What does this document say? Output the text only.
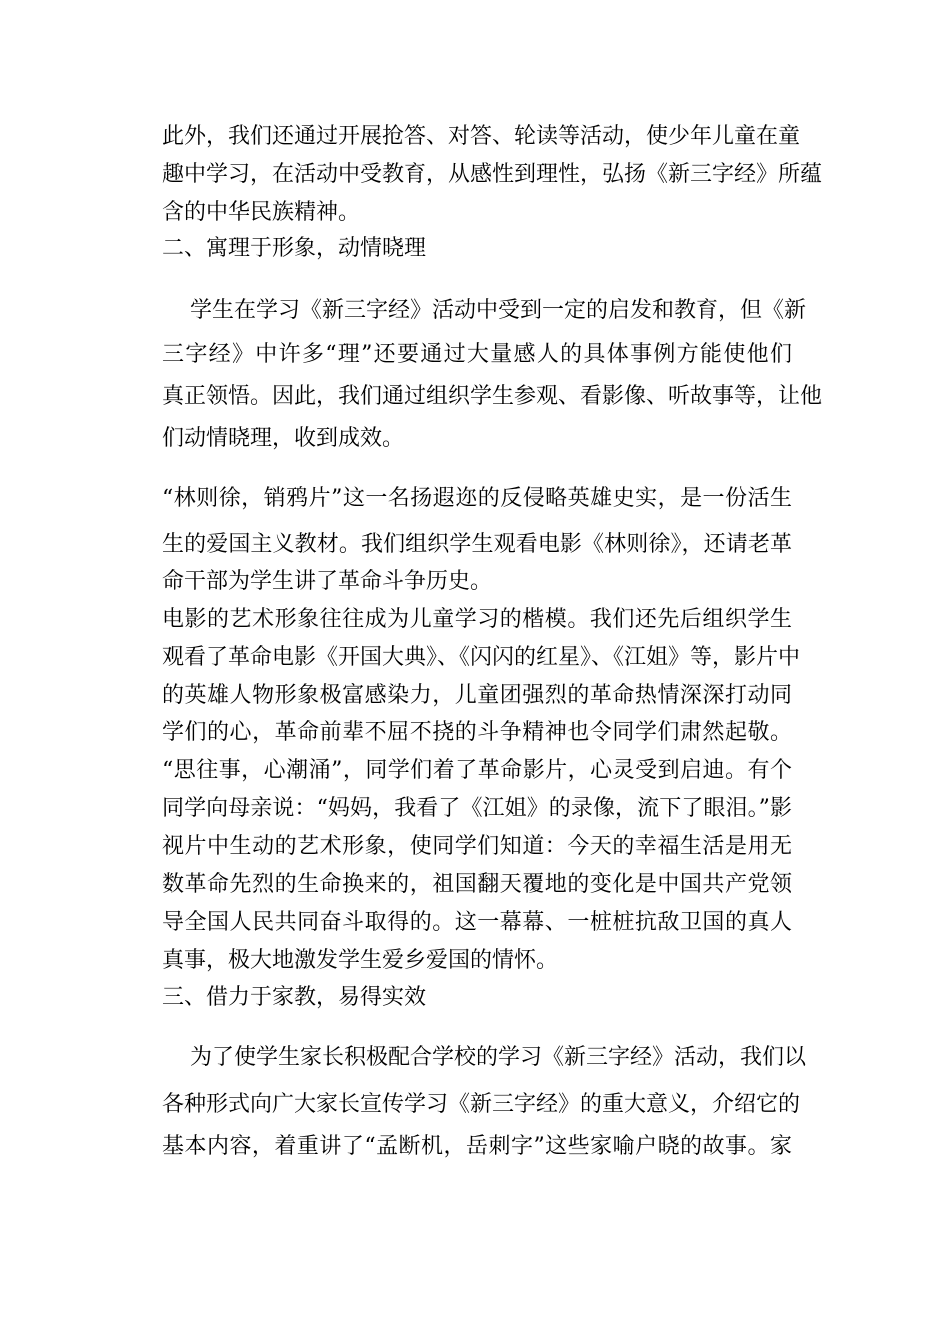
此外，我们还通过开展抢答、对答、轮读等活动，使少年儿童在童
趣中学习，在活动中受教育，从感性到理性，弘扬《新三字经》所蕴
含的中华民族精神。
二、寓理于形象，动情晓理
学生在学习《新三字经》活动中受到一定的启发和教育，但《新
三字经》中许多“理”还要通过大量感人的具体事例方能使他们
真正领悟。因此，我们通过组织学生参观、看影像、听故事等，让他
们动情晓理，收到成效。
“林则徐，销鸦片”这一名扬遐迩的反侵略英雄史实，是一份活生
生的爱国主义教材。我们组织学生观看电影《林则徐》，还请老革
命干部为学生讲了革命斗争历史。
电影的艺术形象往往成为儿童学习的楷模。我们还先后组织学生
观看了革命电影《开国大典》、《闪闪的红星》、《江姐》等，影片中
的英雄人物形象极富感染力，儿童团强烈的革命热情深深打动同
学们的心，革命前辈不屈不挠的斗争精神也令同学们肃然起敬。
“思往事，心潮涌”，同学们着了革命影片，心灵受到启迪。有个
同学向母亲说：“妈妈，我看了《江姐》的录像，流下了眼泪。”影
视片中生动的艺术形象，使同学们知道：今天的幸福生活是用无
数革命先烈的生命换来的，祖国翻天覆地的变化是中国共产党领
导全国人民共同奋斗取得的。这一幕幕、一桩桩抗敌卫国的真人
真事，极大地激发学生爱乡爱国的情怀。
三、借力于家教，易得实效
为了使学生家长积极配合学校的学习《新三字经》活动，我们以
各种形式向广大家长宣传学习《新三字经》的重大意义，介绍它的
基本内容，着重讲了“孟断机，岳刺字”这些家喻户晓的故事。家
